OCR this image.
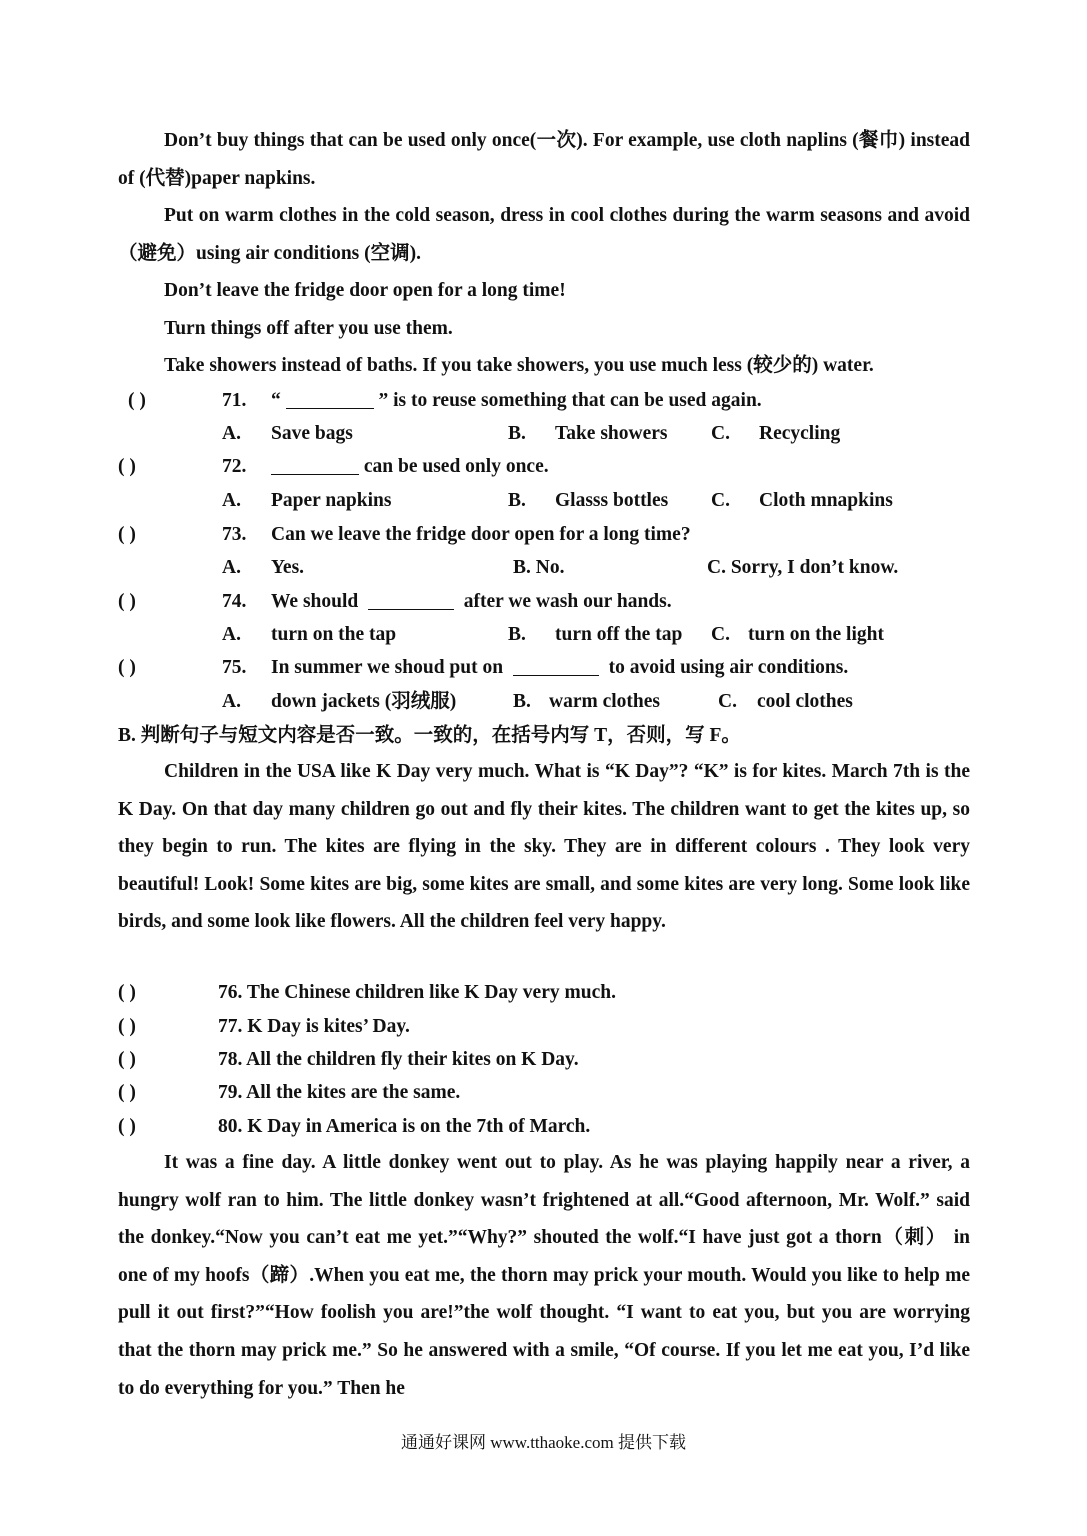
Don’t buy things that can be used only once(一次). For example, use cloth naplins (餐巾) instead of (代替)paper napkins.
Put on warm clothes in the cold season, dress in cool clothes during the warm seasons and avoid（避免）using air conditions (空调).
Don’t leave the fridge door open for a long time!
Turn things off after you use them.
Take showers instead of baths. If you take showers, you use much less (较少的) water.
( )	71. “	” is to reuse something that can be used again.
A. Save bags	B. Take showers C. Recycling
( )	72.	can be used only once.
A. Paper napkins	B. Glasss bottles C. Cloth mnapkins
( )	73. Can we leave the fridge door open for a long time?
A. Yes.	B. No.	C. Sorry, I don’t know.
( )	74. We should	after we wash our hands.
A. turn on the tap	B. turn off the tap C. turn on the light
( )	75. In summer we shoud put on	to avoid using air conditions.
A. down jackets (羽绒服)	B. warm clothes	C. cool clothes
B. 判断句子与短文内容是否一致。一致的，在括号内写 T，否则，写 F。
Children in the USA like K Day very much. What is “K Day”? “K” is for kites. March 7th is the K Day. On that day many children go out and fly their kites. The children want to get the kites up, so they begin to run. The kites are flying in the sky. They are in different colours . They look very beautiful! Look! Some kites are big, some kites are small, and some kites are very long. Some look like birds, and some look like flowers. All the children feel very happy.
( )	76. The Chinese children like K Day very much.
( )	77. K Day is kites’ Day.
( )	78. All the children fly their kites on K Day.
( )	79. All the kites are the same.
( )	80. K Day in America is on the 7th of March.
It was a fine day. A little donkey went out to play. As he was playing happily near a river, a hungry wolf ran to him. The little donkey wasn’t frightened at all.“Good afternoon, Mr. Wolf.” said the donkey.“Now you can’t eat me yet.”“Why?” shouted the wolf.“I have just got a thorn（刺） in one of my hoofs（蹄）.When you eat me, the thorn may prick your mouth. Would you like to help me pull it out first?”“How foolish you are!”the wolf thought. “I want to eat you, but you are worrying that the thorn may prick me.” So he answered with a smile, “Of course. If you let me eat you, I’d like to do everything for you.” Then he
通通好课网 www.tthaoke.com 提供下载
